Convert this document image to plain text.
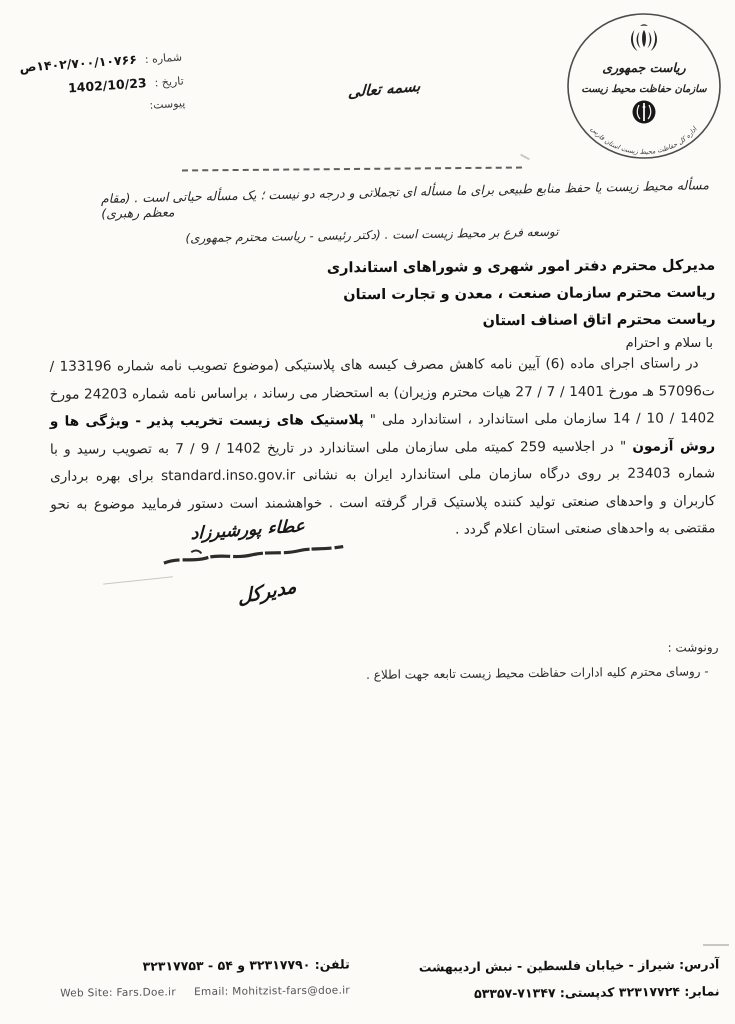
شماره :
۱۴۰۲/۷۰۰/۱۰۷۶۶ص
تاریخ :
1402/10/23
پیوست:
بسمه تعالی
ریاست جمهوری
سازمان حفاظت محیط زیست
اداره کل حفاظت محیط زیست استان فارس
مسأله محیط زیست یا حفظ منابع طبیعی برای ما مسأله ای تجملاتی و درجه دو نیست ؛ یک مسأله حیاتی است . (مقام معظم رهبری)
توسعه فرع بر محیط زیست است . (دکتر رئیسی - ریاست محترم جمهوری)
مدیرکل محترم دفتر امور شهری و شوراهای استانداری
ریاست محترم سازمان صنعت ، معدن و تجارت استان
ریاست محترم اتاق اصناف استان
با سلام و احترام

در راستای اجرای ماده (6) آیین نامه کاهش مصرف کیسه های پلاستیکی (موضوع تصویب نامه شماره 133196 / ت57096 هـ مورخ 1401 / 7 / 27 هیات محترم وزیران) به استحضار می رساند ، براساس نامه شماره 24203 مورخ 1402 / 10 / 14 سازمان ملی استاندارد ، استاندارد ملی " پلاستیک های زیست تخریب پذیر - ویژگی ها و روش آزمون " در اجلاسیه 259 کمیته ملی سازمان ملی استاندارد در تاریخ 1402 / 9 / 7 به تصویب رسید و با شماره 23403 بر روی درگاه سازمان ملی استاندارد ایران به نشانی standard.inso.gov.ir برای بهره برداری کاربران و واحدهای صنعتی تولید کننده پلاستیک قرار گرفته است . خواهشمند است دستور فرمایید موضوع به نحو مقتضی به واحدهای صنعتی استان اعلام گردد .

عطاء پورشیرزاد
مدیرکل
رونوشت :
- روسای محترم کلیه ادارات حفاظت محیط زیست تابعه جهت اطلاع .
آدرس: شیراز - خیابان فلسطین - نبش اردیبهشت
نمابر: ۳۲۳۱۷۷۲۴ کدپستی: ۷۱۳۴۷-۵۳۳۵۷
تلفن: ۳۲۳۱۷۷۹۰ و ۵۴ - ۳۲۳۱۷۷۵۳
Web Site: Fars.Doe.ir     Email: Mohitzist-fars@doe.ir
